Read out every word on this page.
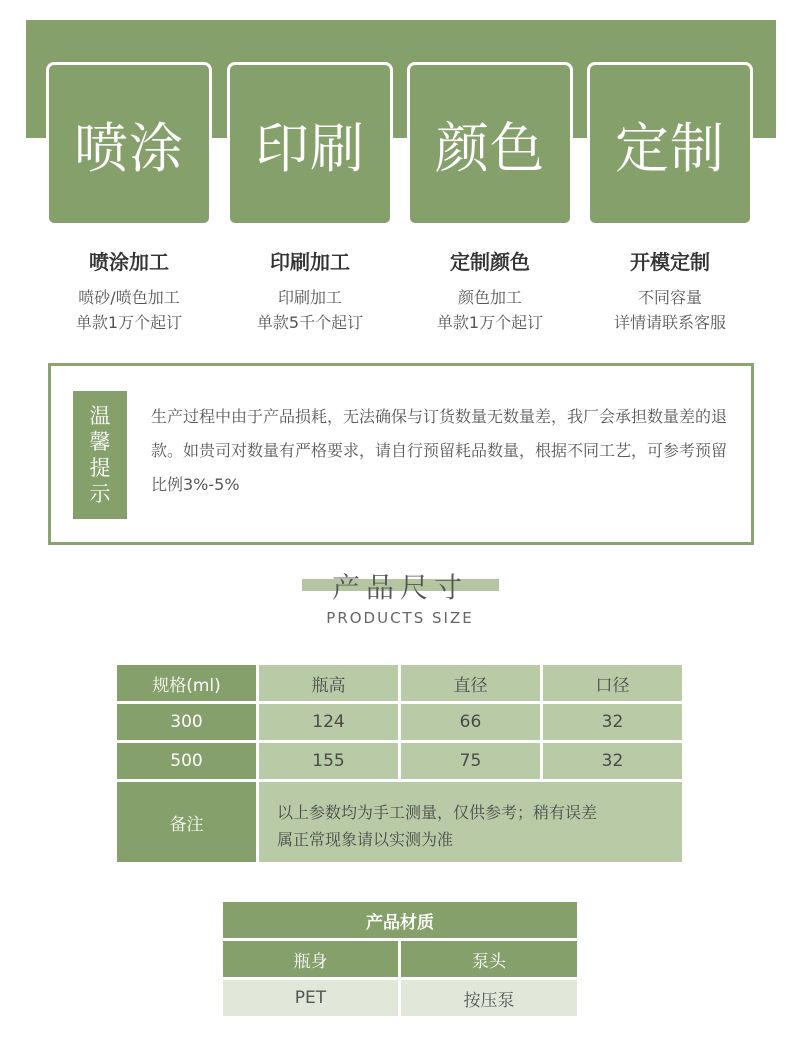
喷涂 印刷 颜色 定制
喷涂加工
喷砂/喷色加工
单款1万个起订
印刷加工
印刷加工
单款5千个起订
定制颜色
颜色加工
单款1万个起订
开模定制
不同容量
详情请联系客服
温
馨
提
示
生产过程中由于产品损耗，无法确保与订货数量无数量差，我厂会承担数量差的退款。如贵司对数量有严格要求，请自行预留耗品数量，根据不同工艺，可参考预留比例3%-5%
产品尺寸
PRODUCTS SIZE
规格(ml)	瓶高	直径	口径
300	124	66	32
500	155	75	32
备注
以上参数均为手工测量，仅供参考；稍有误差
属正常现象请以实测为准
产品材质
瓶身	泵头
PET	按压泵
